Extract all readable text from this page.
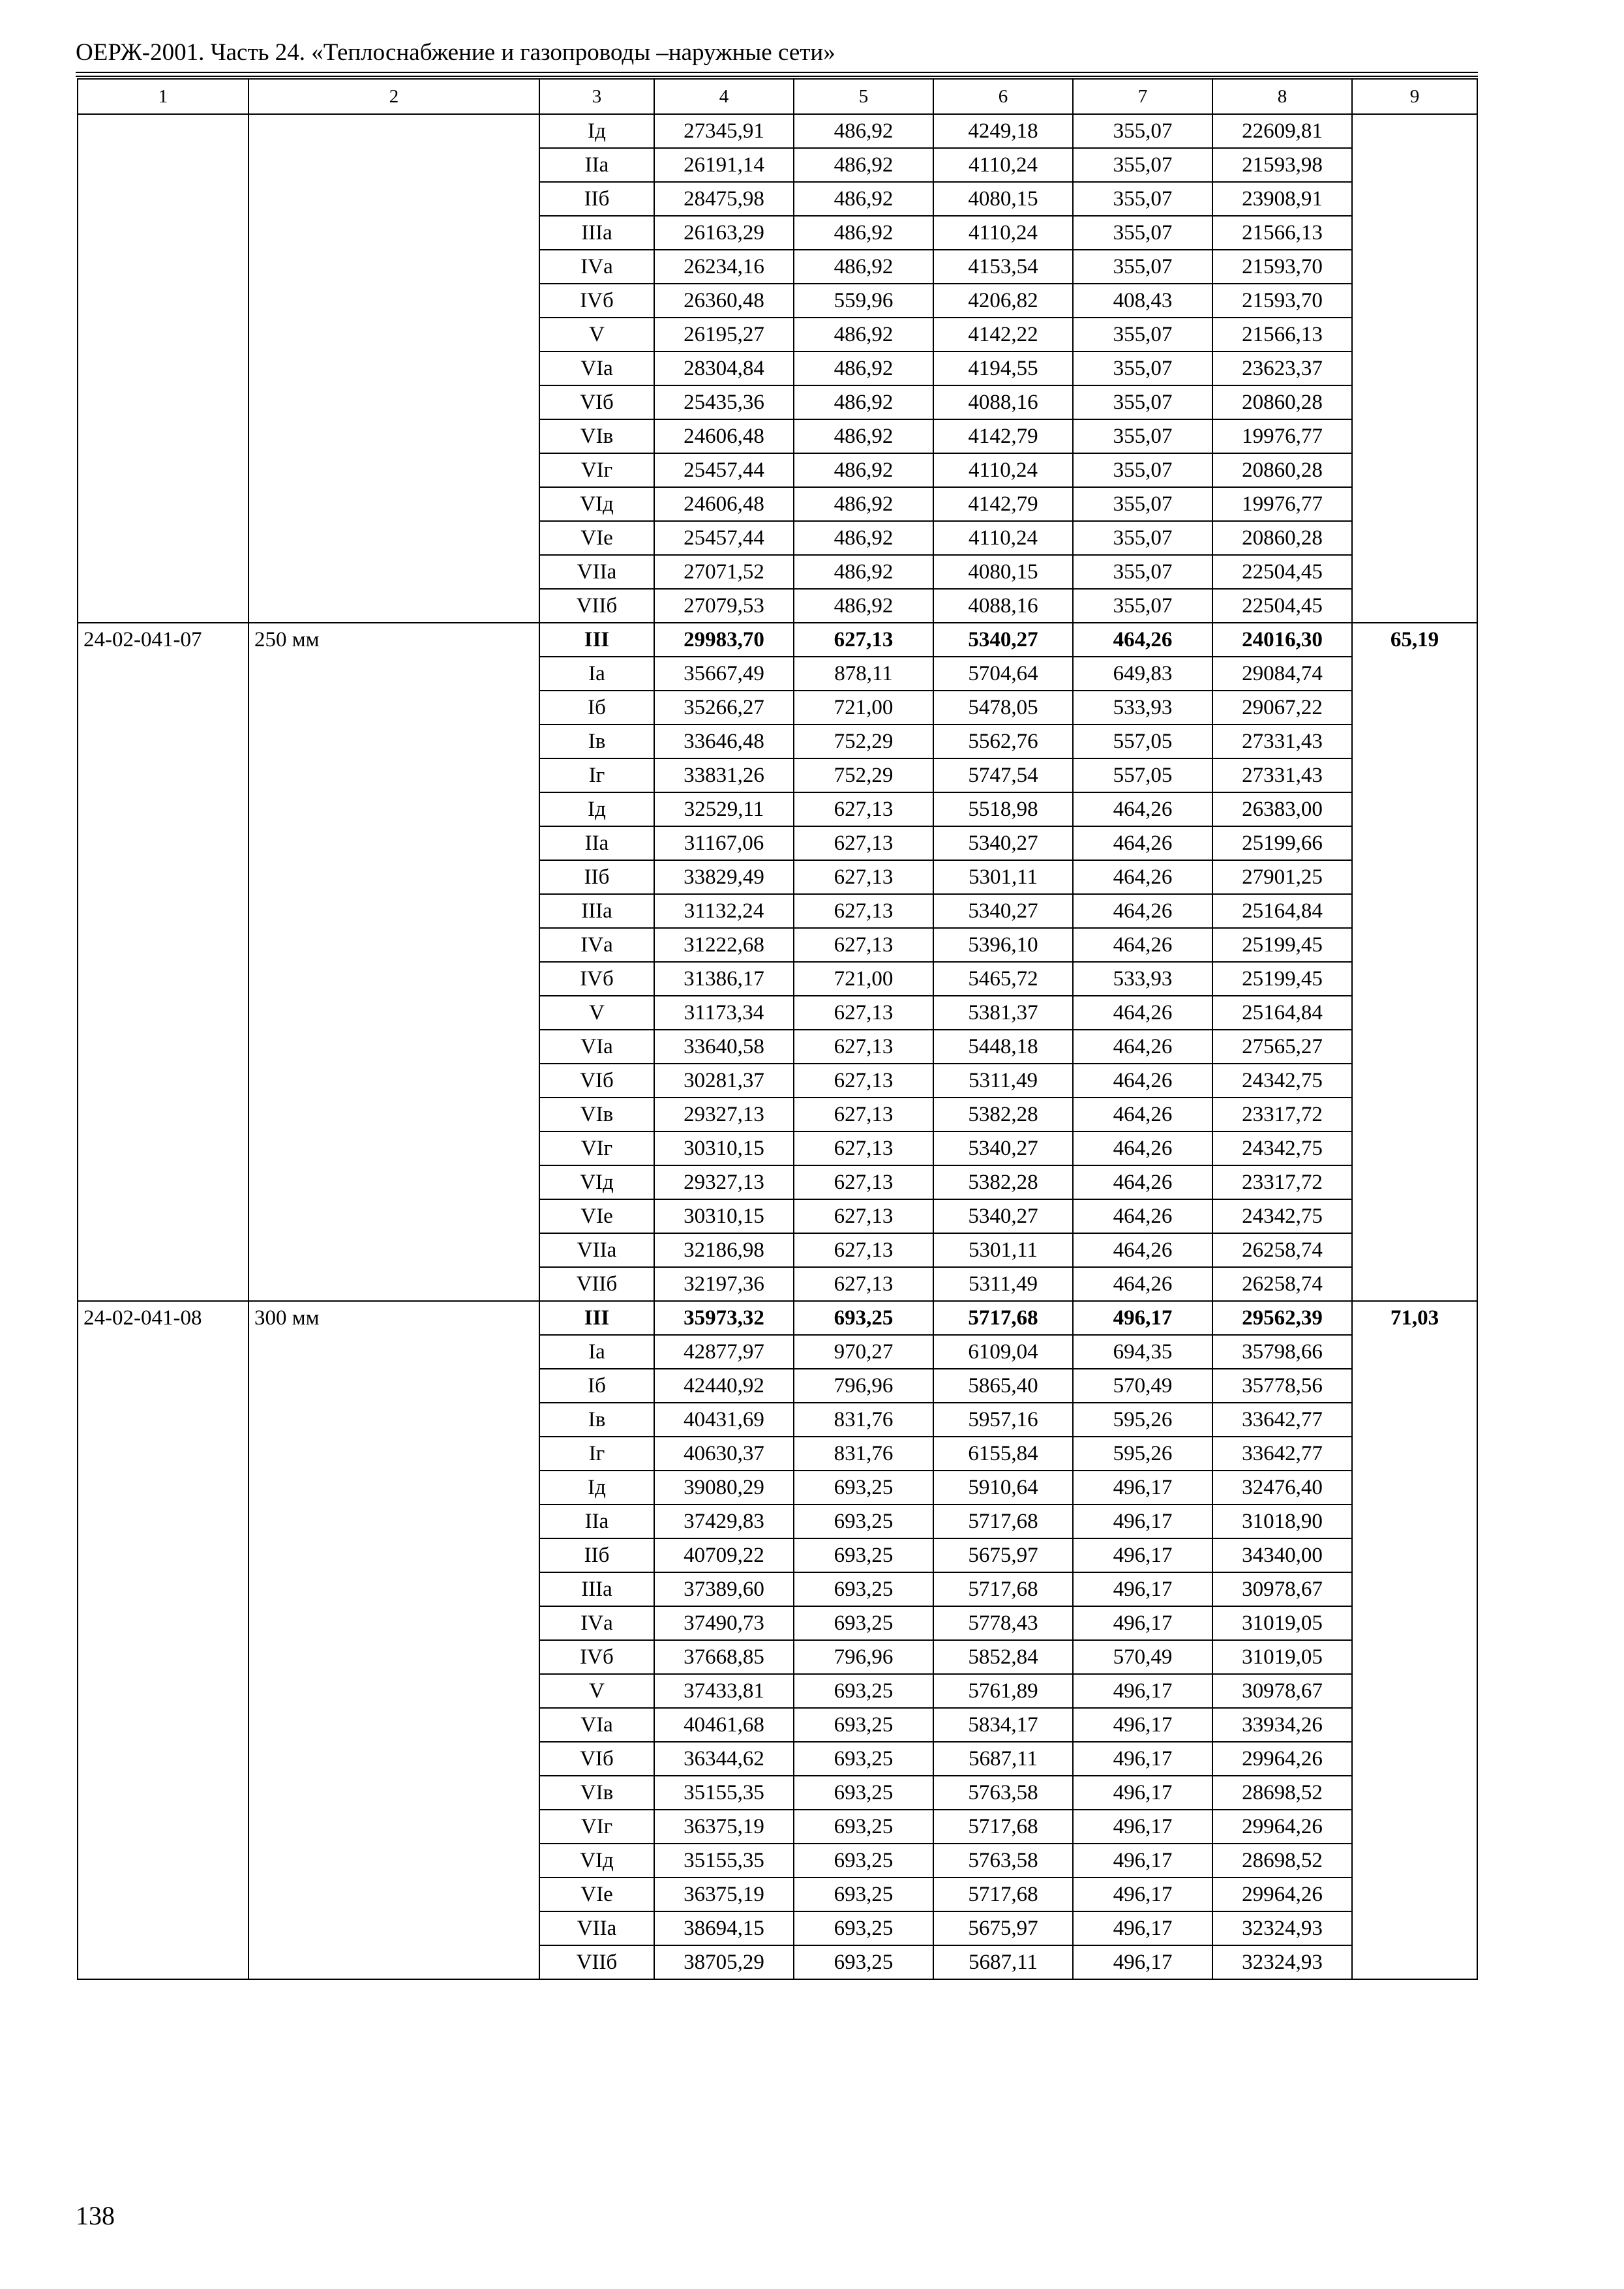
ОЕРЖ-2001. Часть 24. «Теплоснабжение и газопроводы –наружные сети»
1	2	3	4	5	6	7	8	9
		Iд	27345,91	486,92	4249,18	355,07	22609,81	
		IIа	26191,14	486,92	4110,24	355,07	21593,98	
		IIб	28475,98	486,92	4080,15	355,07	23908,91	
		IIIа	26163,29	486,92	4110,24	355,07	21566,13	
		IVа	26234,16	486,92	4153,54	355,07	21593,70	
		IVб	26360,48	559,96	4206,82	408,43	21593,70	
		V	26195,27	486,92	4142,22	355,07	21566,13	
		VIа	28304,84	486,92	4194,55	355,07	23623,37	
		VIб	25435,36	486,92	4088,16	355,07	20860,28	
		VIв	24606,48	486,92	4142,79	355,07	19976,77	
		VIг	25457,44	486,92	4110,24	355,07	20860,28	
		VIд	24606,48	486,92	4142,79	355,07	19976,77	
		VIе	25457,44	486,92	4110,24	355,07	20860,28	
		VIIа	27071,52	486,92	4080,15	355,07	22504,45	
		VIIб	27079,53	486,92	4088,16	355,07	22504,45	
24-02-041-07	250 мм	III	29983,70	627,13	5340,27	464,26	24016,30	65,19
		Iа	35667,49	878,11	5704,64	649,83	29084,74	
		Iб	35266,27	721,00	5478,05	533,93	29067,22	
		Iв	33646,48	752,29	5562,76	557,05	27331,43	
		Iг	33831,26	752,29	5747,54	557,05	27331,43	
		Iд	32529,11	627,13	5518,98	464,26	26383,00	
		IIа	31167,06	627,13	5340,27	464,26	25199,66	
		IIб	33829,49	627,13	5301,11	464,26	27901,25	
		IIIа	31132,24	627,13	5340,27	464,26	25164,84	
		IVа	31222,68	627,13	5396,10	464,26	25199,45	
		IVб	31386,17	721,00	5465,72	533,93	25199,45	
		V	31173,34	627,13	5381,37	464,26	25164,84	
		VIа	33640,58	627,13	5448,18	464,26	27565,27	
		VIб	30281,37	627,13	5311,49	464,26	24342,75	
		VIв	29327,13	627,13	5382,28	464,26	23317,72	
		VIг	30310,15	627,13	5340,27	464,26	24342,75	
		VIд	29327,13	627,13	5382,28	464,26	23317,72	
		VIе	30310,15	627,13	5340,27	464,26	24342,75	
		VIIа	32186,98	627,13	5301,11	464,26	26258,74	
		VIIб	32197,36	627,13	5311,49	464,26	26258,74	
24-02-041-08	300 мм	III	35973,32	693,25	5717,68	496,17	29562,39	71,03
		Iа	42877,97	970,27	6109,04	694,35	35798,66	
		Iб	42440,92	796,96	5865,40	570,49	35778,56	
		Iв	40431,69	831,76	5957,16	595,26	33642,77	
		Iг	40630,37	831,76	6155,84	595,26	33642,77	
		Iд	39080,29	693,25	5910,64	496,17	32476,40	
		IIа	37429,83	693,25	5717,68	496,17	31018,90	
		IIб	40709,22	693,25	5675,97	496,17	34340,00	
		IIIа	37389,60	693,25	5717,68	496,17	30978,67	
		IVа	37490,73	693,25	5778,43	496,17	31019,05	
		IVб	37668,85	796,96	5852,84	570,49	31019,05	
		V	37433,81	693,25	5761,89	496,17	30978,67	
		VIа	40461,68	693,25	5834,17	496,17	33934,26	
		VIб	36344,62	693,25	5687,11	496,17	29964,26	
		VIв	35155,35	693,25	5763,58	496,17	28698,52	
		VIг	36375,19	693,25	5717,68	496,17	29964,26	
		VIд	35155,35	693,25	5763,58	496,17	28698,52	
		VIе	36375,19	693,25	5717,68	496,17	29964,26	
		VIIа	38694,15	693,25	5675,97	496,17	32324,93	
		VIIб	38705,29	693,25	5687,11	496,17	32324,93	
138
